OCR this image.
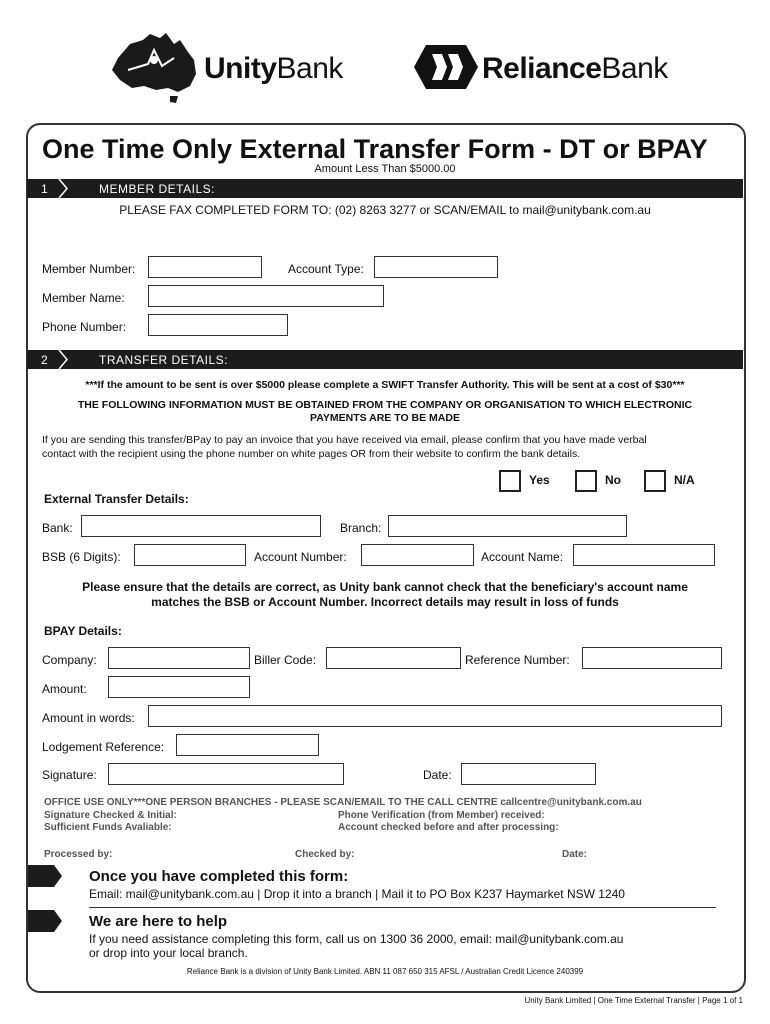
UnityBank	RelianceBank
One Time Only External Transfer Form - DT or BPAY
Amount Less Than $5000.00
1	MEMBER DETAILS:
PLEASE FAX COMPLETED FORM TO: (02) 8263 3277 or SCAN/EMAIL to mail@unitybank.com.au
Member Number:	Account Type:
Member Name:
Phone Number:
2	TRANSFER DETAILS:
***If the amount to be sent is over $5000 please complete a SWIFT Transfer Authority. This will be sent at a cost of $30***
THE FOLLOWING INFORMATION MUST BE OBTAINED FROM THE COMPANY OR ORGANISATION TO WHICH ELECTRONIC
PAYMENTS ARE TO BE MADE
If you are sending this transfer/BPay to pay an invoice that you have received via email, please confirm that you have made verbal
contact with the recipient using the phone number on white pages OR from their website to confirm the bank details.
Yes	No	N/A
External Transfer Details:
Bank:	Branch:
BSB (6 Digits):	Account Number:	Account Name:
Please ensure that the details are correct, as Unity bank cannot check that the beneficiary's account name
matches the BSB or Account Number. Incorrect details may result in loss of funds
BPAY Details:
Company:	Biller Code:	Reference Number:
Amount:
Amount in words:
Lodgement Reference:
Signature:	Date:
OFFICE USE ONLY***ONE PERSON BRANCHES - PLEASE SCAN/EMAIL TO THE CALL CENTRE callcentre@unitybank.com.au
Signature Checked & Initial:	Phone Verification (from Member) received:
Sufficient Funds Avaliable:	Account checked before and after processing:
Processed by:	Checked by:	Date:
Once you have completed this form:
Email: mail@unitybank.com.au | Drop it into a branch | Mail it to PO Box K237 Haymarket NSW 1240
We are here to help
If you need assistance completing this form, call us on 1300 36 2000, email: mail@unitybank.com.au
or drop into your local branch.
Reliance Bank is a division of Unity Bank Limited. ABN 11 087 650 315 AFSL / Australian Credit Licence 240399
Unity Bank Limited | One Time External Transfer | Page 1 of 1
